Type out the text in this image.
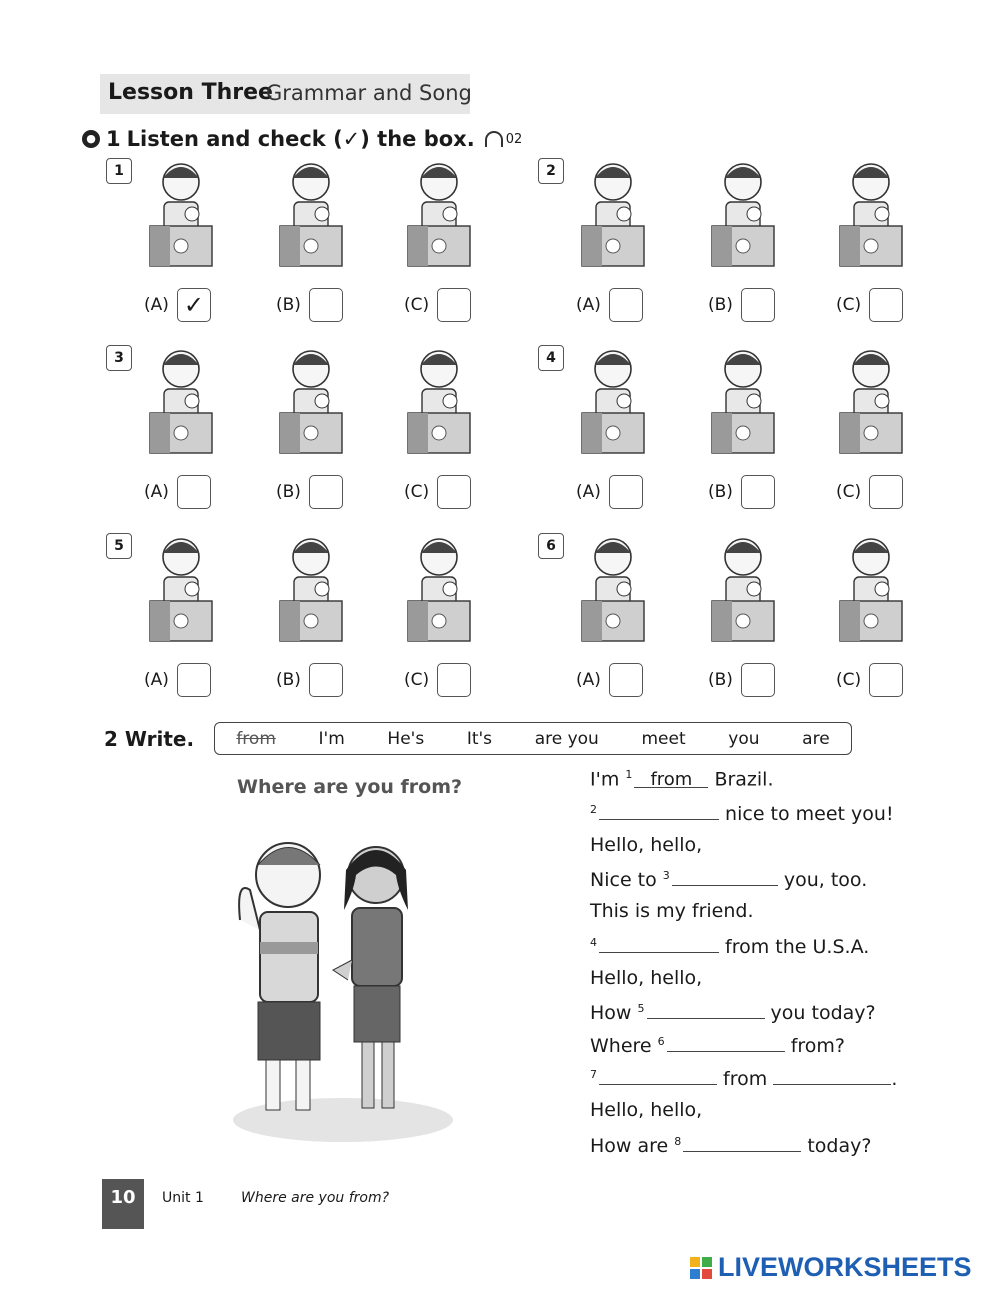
Lesson Three
Grammar and Song
● 1 Listen and check (✓) the box. 02
1
(A) ✓	(B)	(C)
2
(A)	(B)	(C)
3
(A)	(B)	(C)
4
(A)	(B)	(C)
5
(A)	(B)	(C)
6
(A)	(B)	(C)
2 Write. from	I'm	He's	It's	are you	meet	you	are
Where are you from?	I'm $^1$ from Brazil.
$^2$	nice to meet you!
Hello, hello,
Nice to $^3$	you, too.
This is my friend.
$^4$	from the U.S.A.
Hello, hello,
How $^5$	you today?
Where $^6$	from?
$^7$	from	.
Hello, hello,
How are $^8$	today?
10	Unit 1	Where are you from?
LIVEWORKSHEETS
